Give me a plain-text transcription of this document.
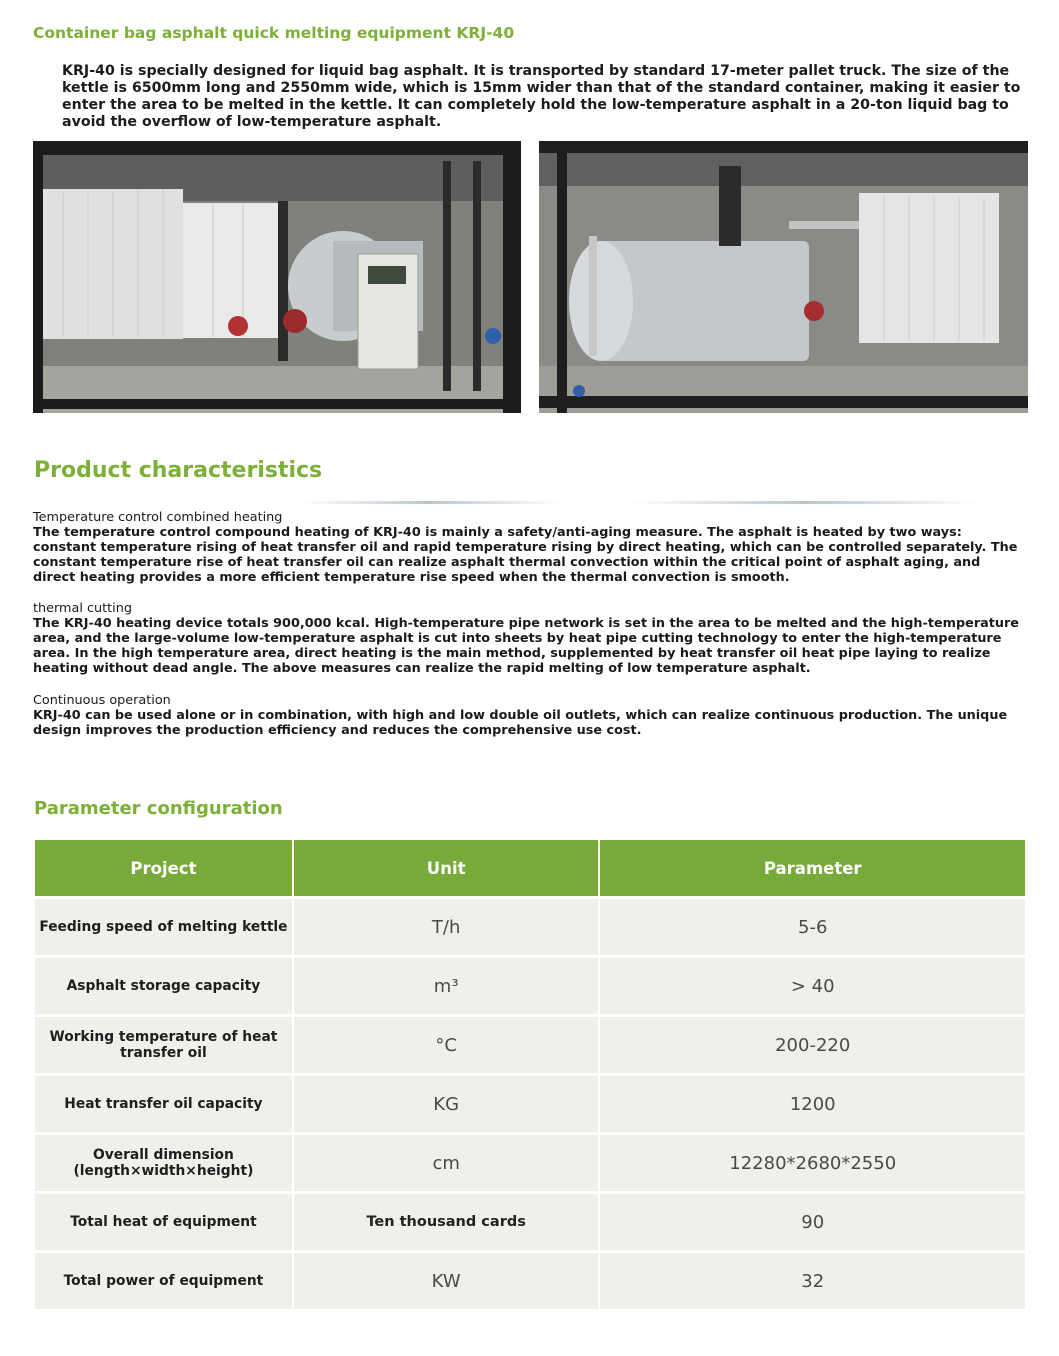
Container bag asphalt quick melting equipment KRJ-40
KRJ-40 is specially designed for liquid bag asphalt. It is transported by standard 17-meter pallet truck. The size of the kettle is 6500mm long and 2550mm wide, which is 15mm wider than that of the standard container, making it easier to enter the area to be melted in the kettle. It can completely hold the low-temperature asphalt in a 20-ton liquid bag to avoid the overflow of low-temperature asphalt.
Product characteristics
Temperature control combined heating
The temperature control compound heating of KRJ-40 is mainly a safety/anti-aging measure. The asphalt is heated by two ways: constant temperature rising of heat transfer oil and rapid temperature rising by direct heating, which can be controlled separately. The constant temperature rise of heat transfer oil can realize asphalt thermal convection within the critical point of asphalt aging, and direct heating provides a more efficient temperature rise speed when the thermal convection is smooth.
thermal cutting
The KRJ-40 heating device totals 900,000 kcal. High-temperature pipe network is set in the area to be melted and the high-temperature area, and the large-volume low-temperature asphalt is cut into sheets by heat pipe cutting technology to enter the high-temperature area. In the high temperature area, direct heating is the main method, supplemented by heat transfer oil heat pipe laying to realize heating without dead angle. The above measures can realize the rapid melting of low temperature asphalt.
Continuous operation
KRJ-40 can be used alone or in combination, with high and low double oil outlets, which can realize continuous production. The unique design improves the production efficiency and reduces the comprehensive use cost.
Parameter configuration
Project	Unit	Parameter
Feeding speed of melting kettle	T/h	5-6
Asphalt storage capacity	m³	> 40
Working temperature of heat transfer oil	°C	200-220
Heat transfer oil capacity	KG	1200
Overall dimension (length×width×height)	cm	12280*2680*2550
Total heat of equipment	Ten thousand cards	90
Total power of equipment	KW	32
